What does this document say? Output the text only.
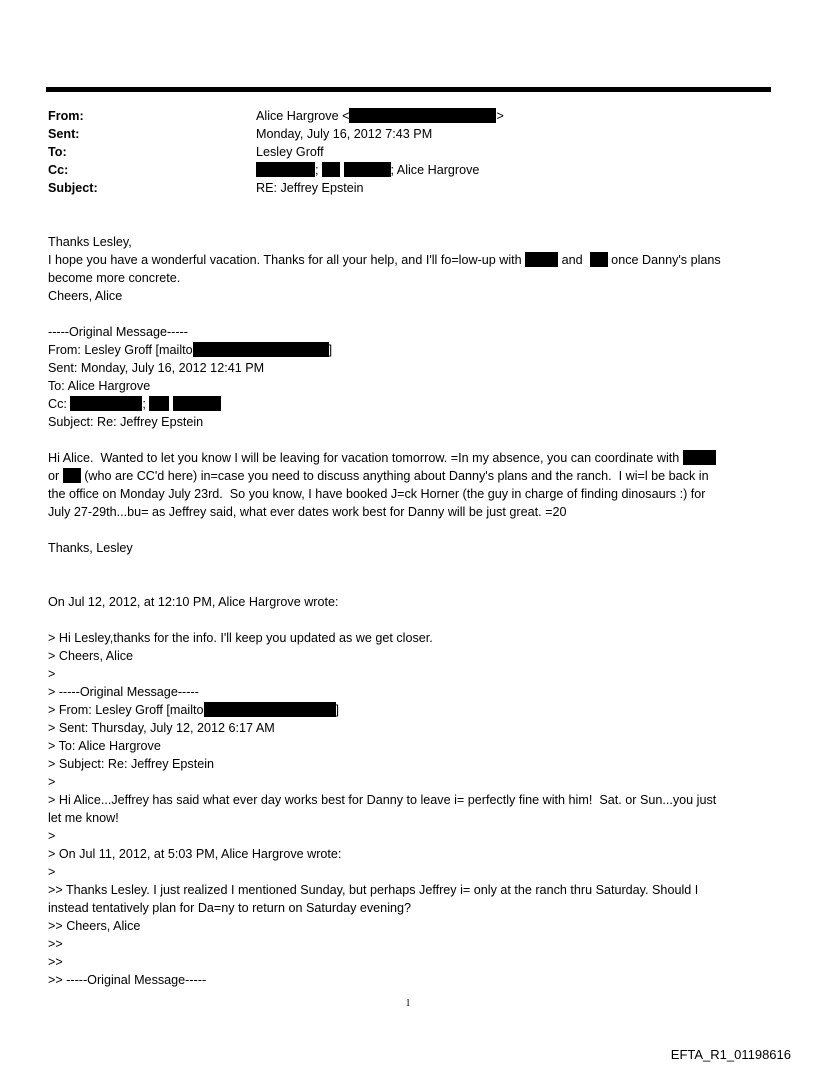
From:	Alice Hargrove <	>
Sent:	Monday, July 16, 2012 7:43 PM
To:	Lesley Groff
Cc:	;	; Alice Hargrove
Subject:	RE: Jeffrey Epstein
Thanks Lesley,
I hope you have a wonderful vacation. Thanks for all your help, and I'll fo=low-up with	and   once Danny's plans
become more concrete.
Cheers, Alice
-----Original Message-----
From: Lesley Groff [mailto	]
Sent: Monday, July 16, 2012 12:41 PM
To: Alice Hargrove
Cc:	;
Subject: Re: Jeffrey Epstein
Hi Alice.  Wanted to let you know I will be leaving for vacation tomorrow. =In my absence, you can coordinate with
or  (who are CC'd here) in=case you need to discuss anything about Danny's plans and the ranch.  I wi=l be back in
the office on Monday July 23rd.  So you know, I have booked J=ck Horner (the guy in charge of finding dinosaurs :) for
July 27-29th...bu= as Jeffrey said, what ever dates work best for Danny will be just great. =20
Thanks, Lesley
On Jul 12, 2012, at 12:10 PM, Alice Hargrove wrote:
> Hi Lesley,thanks for the info. I'll keep you updated as we get closer.
> Cheers, Alice
>
> -----Original Message-----
> From: Lesley Groff [mailto	]
> Sent: Thursday, July 12, 2012 6:17 AM
> To: Alice Hargrove
> Subject: Re: Jeffrey Epstein
>
> Hi Alice...Jeffrey has said what ever day works best for Danny to leave i= perfectly fine with him!  Sat. or Sun...you just
let me know!
>
> On Jul 11, 2012, at 5:03 PM, Alice Hargrove wrote:
>
>> Thanks Lesley. I just realized I mentioned Sunday, but perhaps Jeffrey i= only at the ranch thru Saturday. Should I
instead tentatively plan for Da=ny to return on Saturday evening?
>> Cheers, Alice
>>
>>
>> -----Original Message-----
1
EFTA_R1_01198616
